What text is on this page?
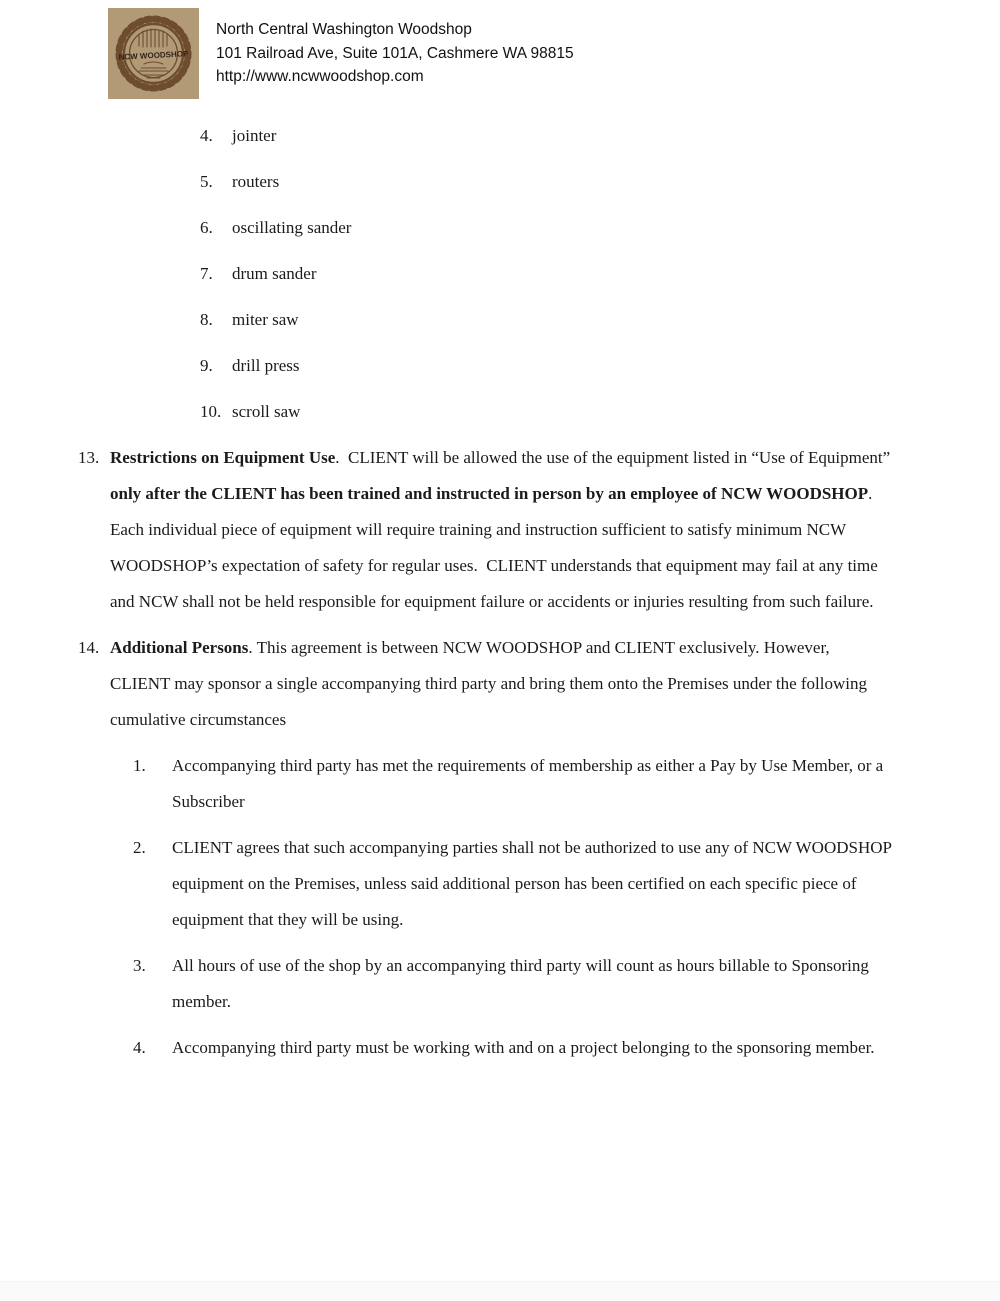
NCW WOODSHOP
North Central Washington Woodshop
101 Railroad Ave, Suite 101A, Cashmere WA 98815
http://www.ncwwoodshop.com
4.	jointer
5.	routers
6.	oscillating sander
7.	drum sander
8.	miter saw
9.	drill press
10. scroll saw
13. Restrictions on Equipment Use.  CLIENT will be allowed the use of the equipment listed in “Use of Equipment” only after the CLIENT has been trained and instructed in person by an employee of NCW WOODSHOP. Each individual piece of equipment will require training and instruction sufficient to satisfy minimum NCW WOODSHOP’s expectation of safety for regular uses.  CLIENT understands that equipment may fail at any time and NCW shall not be held responsible for equipment failure or accidents or injuries resulting from such failure.
14. Additional Persons. This agreement is between NCW WOODSHOP and CLIENT exclusively. However, CLIENT may sponsor a single accompanying third party and bring them onto the Premises under the following cumulative circumstances
1.	Accompanying third party has met the requirements of membership as either a Pay by Use Member, or a Subscriber
2.	CLIENT agrees that such accompanying parties shall not be authorized to use any of NCW WOODSHOP equipment on the Premises, unless said additional person has been certified on each specific piece of equipment that they will be using.
3.	All hours of use of the shop by an accompanying third party will count as hours billable to Sponsoring member.
4.	Accompanying third party must be working with and on a project belonging to the sponsoring member.
